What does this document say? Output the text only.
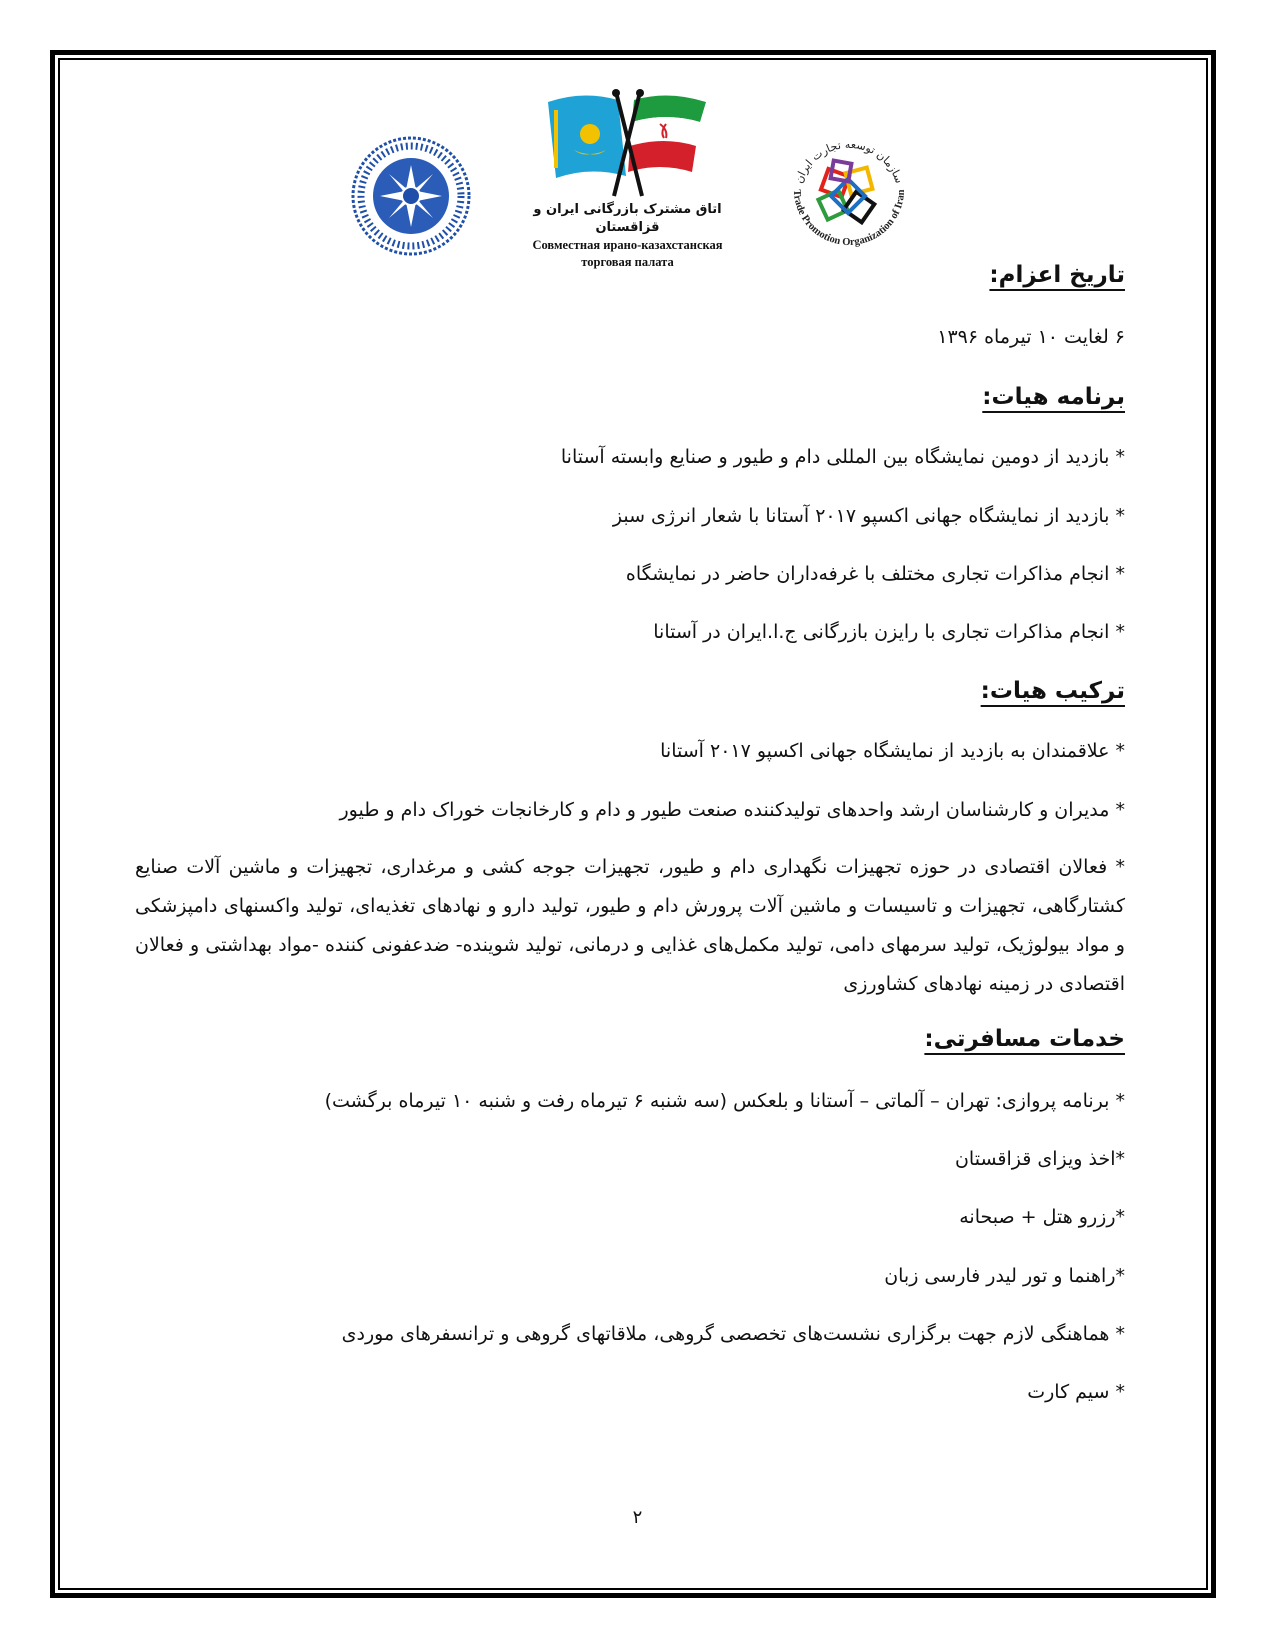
اتاق مشترک بازرگانی ایران و قزاقستان
Совместная ирано-казахстанская
торговая палата
سازمان توسعه تجارت ایران
Trade Promotion Organization of Iran
تاریخ اعزام:
۶ لغایت ۱۰ تیرماه ۱۳۹۶
برنامه هیات:
* بازدید از دومین نمایشگاه بین المللی دام و طیور و صنایع وابسته آستانا
* بازدید از نمایشگاه جهانی اکسپو ۲۰۱۷ آستانا با شعار انرژی سبز
* انجام مذاکرات تجاری مختلف با غرفه‌داران حاضر در نمایشگاه
* انجام مذاکرات تجاری با رایزن بازرگانی ج.ا.ایران در آستانا
ترکیب هیات:
* علاقمندان به بازدید از نمایشگاه جهانی اکسپو ۲۰۱۷ آستانا
* مدیران و کارشناسان ارشد واحدهای تولیدکننده صنعت طیور و دام و کارخانجات خوراک دام و طیور
* فعالان اقتصادی در حوزه تجهیزات نگهداری دام و طیور، تجهیزات جوجه کشی و مرغداری، تجهیزات و ماشین آلات صنایع کشتارگاهی، تجهیزات و تاسیسات و ماشین آلات پرورش دام و طیور، تولید دارو و نهادهای تغذیه‌ای، تولید واکسنهای دامپزشکی و مواد بیولوژیک، تولید سرمهای دامی، تولید مکمل‌های غذایی و درمانی، تولید شوینده- ضدعفونی کننده -مواد بهداشتی و فعالان اقتصادی در زمینه نهادهای کشاورزی
خدمات مسافرتی:
* برنامه پروازی: تهران – آلماتی – آستانا و بلعکس (سه شنبه ۶ تیرماه رفت و شنبه ۱۰ تیرماه برگشت)
*اخذ ویزای قزاقستان
*رزرو هتل + صبحانه
*راهنما و تور لیدر فارسی زبان
* هماهنگی لازم جهت برگزاری نشست‌های تخصصی گروهی، ملاقاتهای گروهی و ترانسفرهای موردی
* سیم کارت
۲
